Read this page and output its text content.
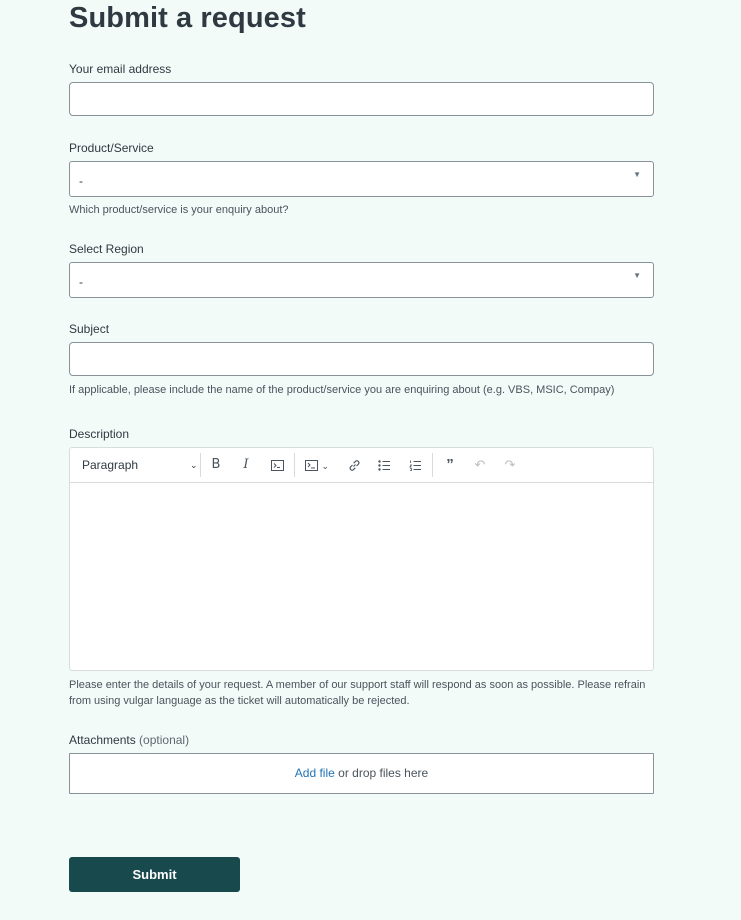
Submit a request
Your email address
Product/Service
-	▼
Which product/service is your enquiry about?
Select Region
-	▼
Subject
If applicable, please include the name of the product/service you are enquiring about (e.g. VBS, MSIC, Compay)
Description
Paragraph	⌄	B	I	⌄	”	↶	↷
Please enter the details of your request. A member of our support staff will respond as soon as possible. Please refrain from using vulgar language as the ticket will automatically be rejected.
Attachments (optional)
Add file or drop files here
Submit
